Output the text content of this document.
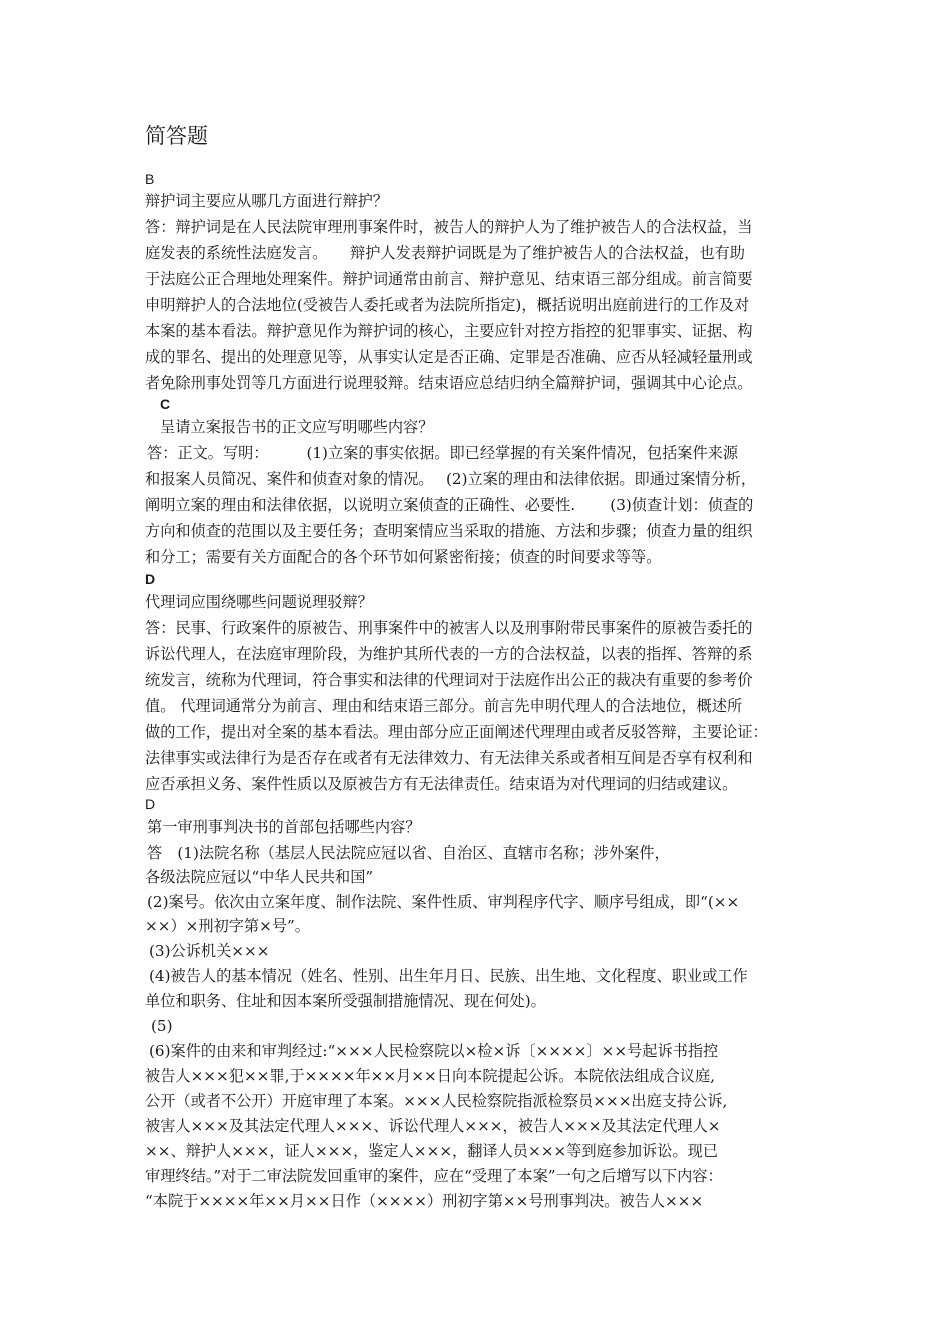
简答题
B
辩护词主要应从哪几方面进行辩护？
答：辩护词是在人民法院审理刑事案件时，被告人的辩护人为了维护被告人的合法权益，当
庭发表的系统性法庭发言。　　辩护人发表辩护词既是为了维护被告人的合法权益，也有助
于法庭公正合理地处理案件。辩护词通常由前言、辩护意见、结束语三部分组成。前言简要
申明辩护人的合法地位(受被告人委托或者为法院所指定)，概括说明出庭前进行的工作及对
本案的基本看法。辩护意见作为辩护词的核心，主要应针对控方指控的犯罪事实、证据、构
成的罪名、提出的处理意见等，从事实认定是否正确、定罪是否准确、应否从轻减轻量刑或
者免除刑事处罚等几方面进行说理驳辩。结束语应总结归纳全篇辩护词，强调其中心论点。
C
呈请立案报告书的正文应写明哪些内容？
答：正文。写明：　　　(1)立案的事实依据。即已经掌握的有关案件情况，包括案件来源
和报案人员简况、案件和侦查对象的情况。　 (2)立案的理由和法律依据。即通过案情分析，
阐明立案的理由和法律依据，以说明立案侦查的正确性、必要性.　　 (3)侦查计划：侦查的
方向和侦查的范围以及主要任务；查明案情应当采取的措施、方法和步骤；侦查力量的组织
和分工；需要有关方面配合的各个环节如何紧密衔接；侦查的时间要求等等。
D
代理词应围绕哪些问题说理驳辩？
答：民事、行政案件的原被告、刑事案件中的被害人以及刑事附带民事案件的原被告委托的
诉讼代理人，在法庭审理阶段，为维护其所代表的一方的合法权益，以表的指挥、答辩的系
统发言，统称为代理词，符合事实和法律的代理词对于法庭作出公正的裁决有重要的参考价
值。 代理词通常分为前言、理由和结束语三部分。前言先申明代理人的合法地位，概述所
做的工作，提出对全案的基本看法。理由部分应正面阐述代理理由或者反驳答辩，主要论证：
法律事实或法律行为是否存在或者有无法律效力、有无法律关系或者相互间是否享有权利和
应否承担义务、案件性质以及原被告方有无法律责任。结束语为对代理词的归结或建议。
D
第一审刑事判决书的首部包括哪些内容？
答　(1)法院名称（基层人民法院应冠以省、自治区、直辖市名称；涉外案件，
各级法院应冠以“中华人民共和国”
(2)案号。依次由立案年度、制作法院、案件性质、审判程序代字、顺序号组成，即“(××
××）×刑初字第×号”。
(3)公诉机关×××
(4)被告人的基本情况（姓名、性别、出生年月日、民族、出生地、文化程度、职业或工作
单位和职务、住址和因本案所受强制措施情况、现在何处)。
(5)
(6)案件的由来和审判经过:“×××人民检察院以×检×诉〔××××〕××号起诉书指控
被告人×××犯××罪,于××××年××月××日向本院提起公诉。本院依法组成合议庭,
公开（或者不公开）开庭审理了本案。×××人民检察院指派检察员×××出庭支持公诉,
被害人×××及其法定代理人×××、诉讼代理人×××，被告人×××及其法定代理人×
××、辩护人×××，证人×××，鉴定人×××，翻译人员×××等到庭参加诉讼。现已
审理终结。”对于二审法院发回重审的案件，应在“受理了本案”一句之后增写以下内容：
“本院于××××年××月××日作（××××）刑初字第××号刑事判决。被告人×××
